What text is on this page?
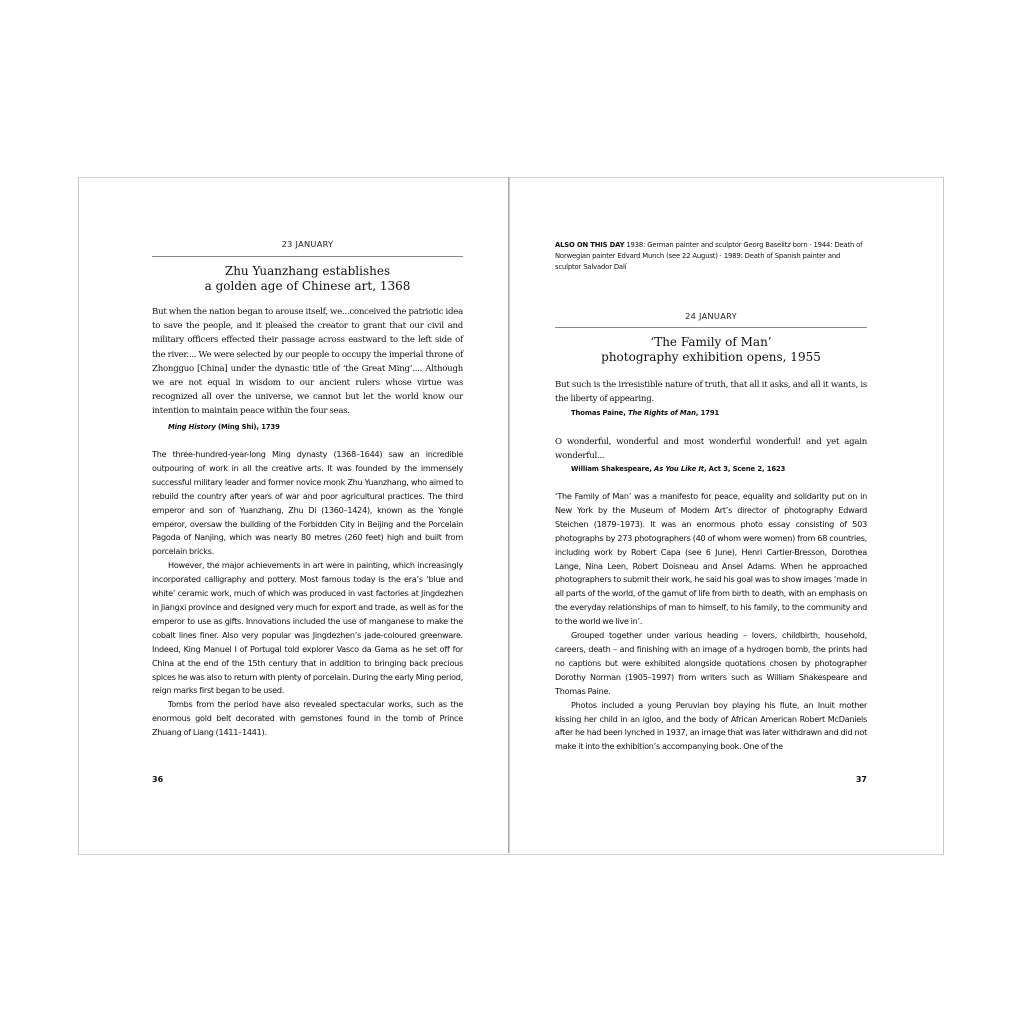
23 JANUARY
Zhu Yuanzhang establishes
a golden age of Chinese art, 1368
But when the nation began to arouse itself, we...conceived the patriotic idea to save the people, and it pleased the creator to grant that our civil and military officers effected their passage across eastward to the left side of the river.... We were selected by our people to occupy the imperial throne of Zhongguo [China] under the dynastic title of ‘the Great Ming’.... Although we are not equal in wisdom to our ancient rulers whose virtue was recognized all over the universe, we cannot but let the world know our intention to maintain peace within the four seas.
Ming History (Ming Shi), 1739

The three-hundred-year-long Ming dynasty (1368–1644) saw an incredible outpouring of work in all the creative arts. It was founded by the immensely successful military leader and former novice monk Zhu Yuanzhang, who aimed to rebuild the country after years of war and poor agricultural practices. The third emperor and son of Yuanzhang, Zhu Di (1360–1424), known as the Yongle emperor, oversaw the building of the Forbidden City in Beijing and the Porcelain Pagoda of Nanjing, which was nearly 80 metres (260 feet) high and built from porcelain bricks.

However, the major achievements in art were in painting, which increasingly incorporated calligraphy and pottery. Most famous today is the era’s ‘blue and white’ ceramic work, much of which was produced in vast factories at Jingdezhen in Jiangxi province and designed very much for export and trade, as well as for the emperor to use as gifts. Innovations included the use of manganese to make the cobalt lines finer. Also very popular was Jingdezhen’s jade-coloured greenware. Indeed, King Manuel I of Portugal told explorer Vasco da Gama as he set off for China at the end of the 15th century that in addition to bringing back precious spices he was also to return with plenty of porcelain. During the early Ming period, reign marks first began to be used.

Tombs from the period have also revealed spectacular works, such as the enormous gold belt decorated with gemstones found in the tomb of Prince Zhuang of Liang (1411–1441).

36
ALSO ON THIS DAY 1938: German painter and sculptor Georg Baselitz born · 1944: Death of Norwegian painter Edvard Munch (see 22 August) · 1989: Death of Spanish painter and sculptor Salvador Dalí
24 JANUARY
‘The Family of Man’
photography exhibition opens, 1955
But such is the irresistible nature of truth, that all it asks, and all it wants, is the liberty of appearing.
Thomas Paine, The Rights of Man, 1791
O wonderful, wonderful and most wonderful wonderful! and yet again wonderful...
William Shakespeare, As You Like It, Act 3, Scene 2, 1623

‘The Family of Man’ was a manifesto for peace, equality and solidarity put on in New York by the Museum of Modern Art’s director of photography Edward Steichen (1879–1973). It was an enormous photo essay consisting of 503 photographs by 273 photographers (40 of whom were women) from 68 countries, including work by Robert Capa (see 6 June), Henri Cartier-Bresson, Dorothea Lange, Nina Leen, Robert Doisneau and Ansel Adams. When he approached photographers to submit their work, he said his goal was to show images ‘made in all parts of the world, of the gamut of life from birth to death, with an emphasis on the everyday relationships of man to himself, to his family, to the community and to the world we live in’.

Grouped together under various heading – lovers, childbirth, household, careers, death – and finishing with an image of a hydrogen bomb, the prints had no captions but were exhibited alongside quotations chosen by photographer Dorothy Norman (1905–1997) from writers such as William Shakespeare and Thomas Paine.

Photos included a young Peruvian boy playing his flute, an Inuit mother kissing her child in an igloo, and the body of African American Robert McDaniels after he had been lynched in 1937, an image that was later withdrawn and did not make it into the exhibition’s accompanying book. One of the

37
